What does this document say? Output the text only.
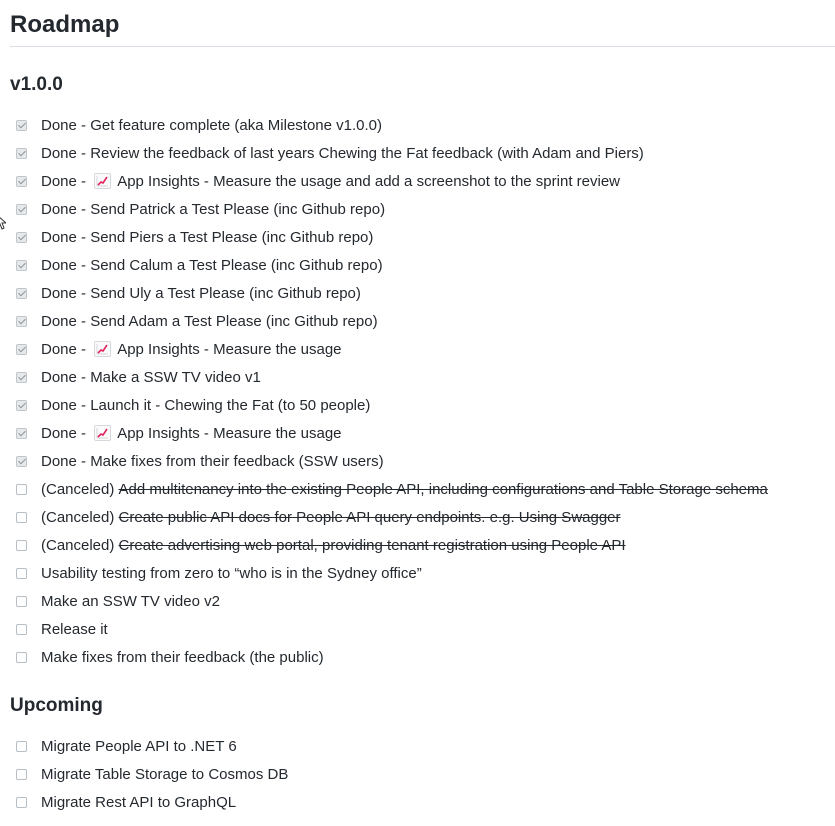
Roadmap
v1.0.0
Done - Get feature complete (aka Milestone v1.0.0)
Done - Review the feedback of last years Chewing the Fat feedback (with Adam and Piers)
Done - App Insights - Measure the usage and add a screenshot to the sprint review
Done - Send Patrick a Test Please (inc Github repo)
Done - Send Piers a Test Please (inc Github repo)
Done - Send Calum a Test Please (inc Github repo)
Done - Send Uly a Test Please (inc Github repo)
Done - Send Adam a Test Please (inc Github repo)
Done - App Insights - Measure the usage
Done - Make a SSW TV video v1
Done - Launch it - Chewing the Fat (to 50 people)
Done - App Insights - Measure the usage
Done - Make fixes from their feedback (SSW users)
(Canceled) Add multitenancy into the existing People API, including configurations and Table Storage schema
(Canceled) Create public API docs for People API query endpoints. e.g. Using Swagger
(Canceled) Create advertising web portal, providing tenant registration using People API
Usability testing from zero to “who is in the Sydney office”
Make an SSW TV video v2
Release it
Make fixes from their feedback (the public)
Upcoming
Migrate People API to .NET 6
Migrate Table Storage to Cosmos DB
Migrate Rest API to GraphQL
